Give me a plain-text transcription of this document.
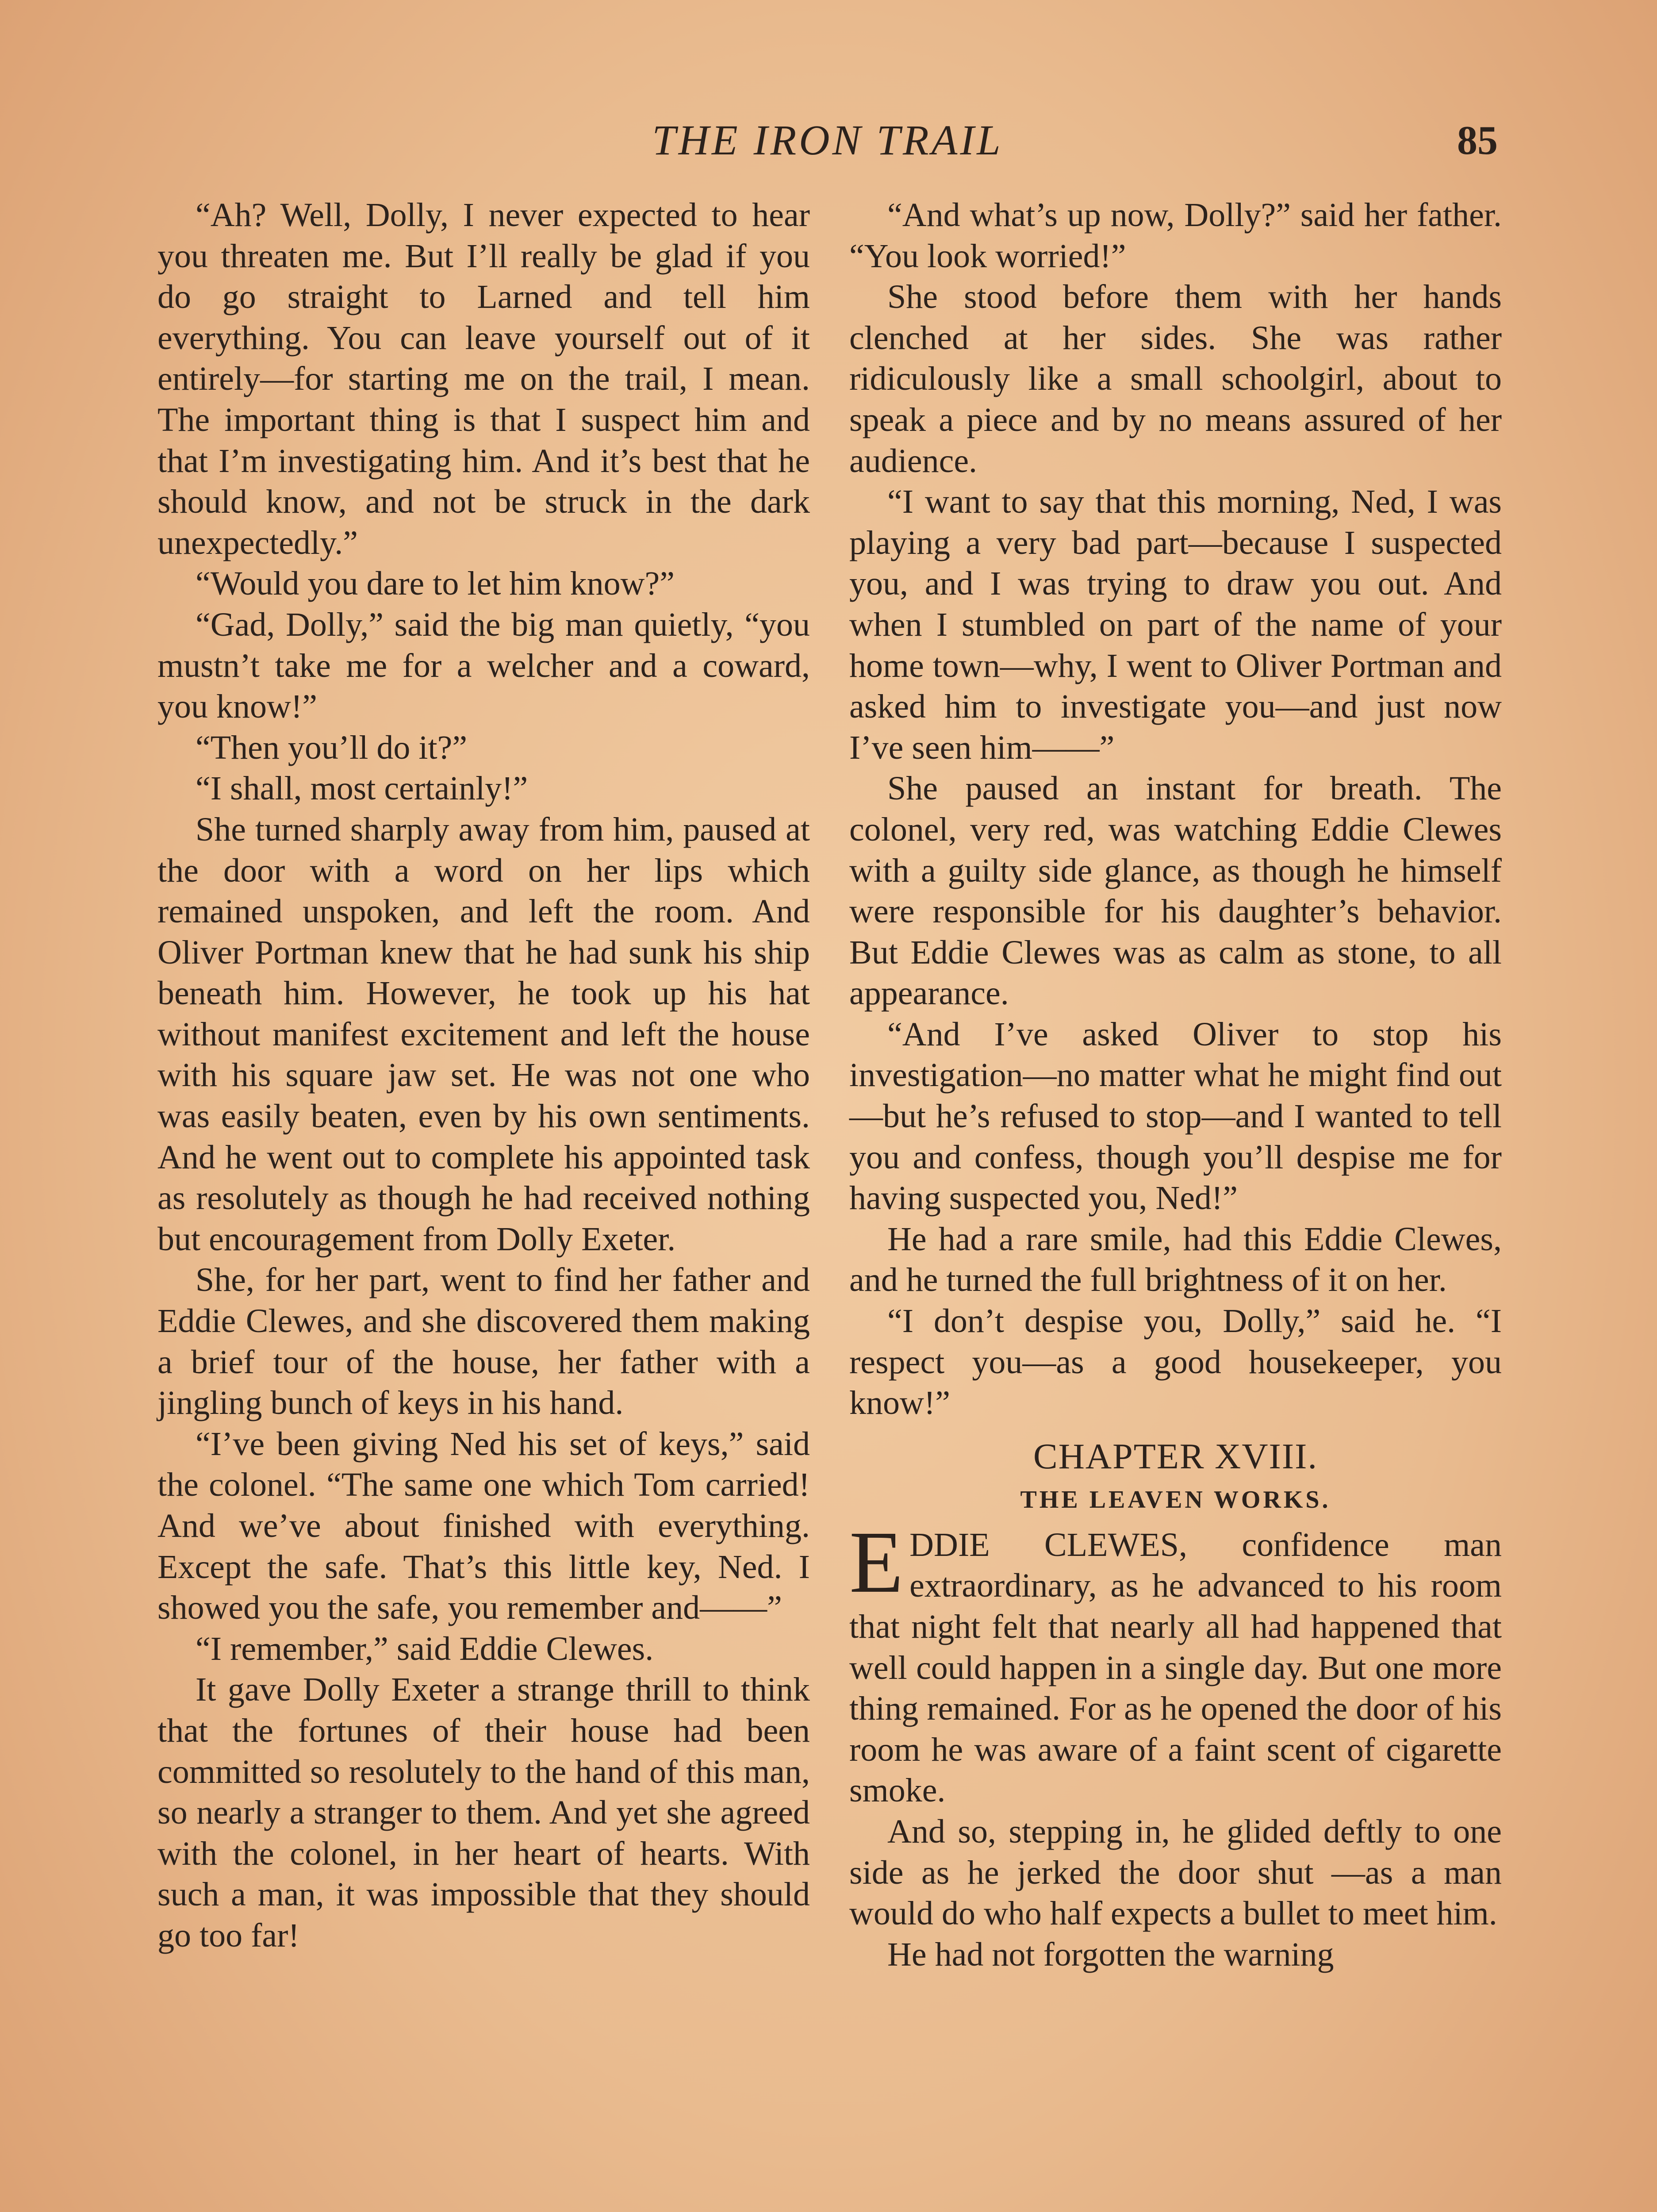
THE IRON TRAIL	85

“Ah? Well, Dolly, I never expected to hear you threaten me. But I’ll really be glad if you do go straight to Larned and tell him everything. You can leave yourself out of it entirely—for starting me on the trail, I mean. The important thing is that I suspect him and that I’m investigating him. And it’s best that he should know, and not be struck in the dark unexpectedly.”

“Would you dare to let him know?”

“Gad, Dolly,” said the big man quietly, “you mustn’t take me for a welcher and a coward, you know!”

“Then you’ll do it?”

“I shall, most certainly!”

She turned sharply away from him, paused at the door with a word on her lips which remained unspoken, and left the room. And Oliver Portman knew that he had sunk his ship beneath him. However, he took up his hat without manifest excitement and left the house with his square jaw set. He was not one who was easily beaten, even by his own sentiments. And he went out to complete his appointed task as resolutely as though he had received nothing but encouragement from Dolly Exeter.

She, for her part, went to find her father and Eddie Clewes, and she discovered them making a brief tour of the house, her father with a jingling bunch of keys in his hand.

“I’ve been giving Ned his set of keys,” said the colonel. “The same one which Tom carried! And we’ve about finished with everything. Except the safe. That’s this little key, Ned. I showed you the safe, you remember and——”

“I remember,” said Eddie Clewes.

It gave Dolly Exeter a strange thrill to think that the fortunes of their house had been committed so resolutely to the hand of this man, so nearly a stranger to them. And yet she agreed with the colonel, in her heart of hearts. With such a man, it was impossible that they should go too far!

“And what’s up now, Dolly?” said her father. “You look worried!”

She stood before them with her hands clenched at her sides. She was rather ridiculously like a small schoolgirl, about to speak a piece and by no means assured of her audience.

“I want to say that this morning, Ned, I was playing a very bad part—because I suspected you, and I was trying to draw you out. And when I stumbled on part of the name of your home town—why, I went to Oliver Portman and asked him to investigate you—and just now I’ve seen him——”

She paused an instant for breath. The colonel, very red, was watching Eddie Clewes with a guilty side glance, as though he himself were responsible for his daughter’s behavior. But Eddie Clewes was as calm as stone, to all appearance.

“And I’ve asked Oliver to stop his investigation—no matter what he might find out—but he’s refused to stop—and I wanted to tell you and confess, though you’ll despise me for having suspected you, Ned!”

He had a rare smile, had this Eddie Clewes, and he turned the full brightness of it on her.

“I don’t despise you, Dolly,” said he. “I respect you—as a good housekeeper, you know!”

CHAPTER XVIII.
THE LEAVEN WORKS.

EDDIE CLEWES, confidence man extraordinary, as he advanced to his room that night felt that nearly all had happened that well could happen in a single day. But one more thing remained. For as he opened the door of his room he was aware of a faint scent of cigarette smoke.

And so, stepping in, he glided deftly to one side as he jerked the door shut —as a man would do who half expects a bullet to meet him.

He had not forgotten the warning
